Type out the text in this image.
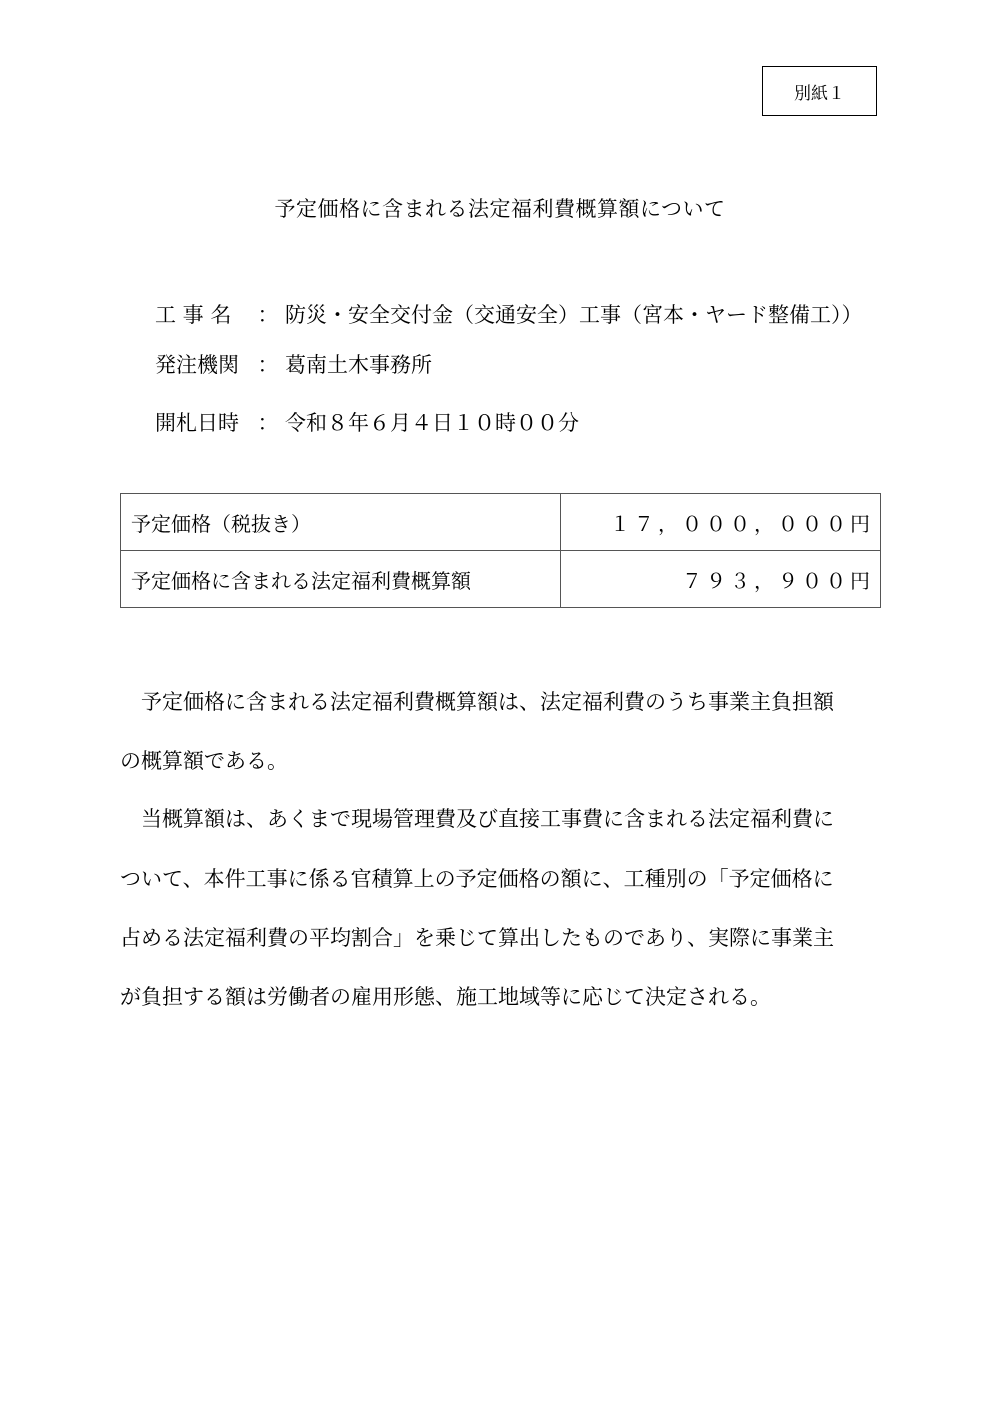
別紙１
予定価格に含まれる法定福利費概算額について
工 事 名	： 防災・安全交付金（交通安全）工事（宮本・ヤード整備工））
発注機関 ： 葛南土木事務所
開札日時 ： 令和８年６月４日１０時００分
予定価格（税抜き）	１７，０００，０００円
予定価格に含まれる法定福利費概算額	７９３，９００円
　予定価格に含まれる法定福利費概算額は、法定福利費のうち事業主負担額
の概算額である。
　当概算額は、あくまで現場管理費及び直接工事費に含まれる法定福利費に
ついて、本件工事に係る官積算上の予定価格の額に、工種別の「予定価格に
占める法定福利費の平均割合」を乗じて算出したものであり、実際に事業主
が負担する額は労働者の雇用形態、施工地域等に応じて決定される。
